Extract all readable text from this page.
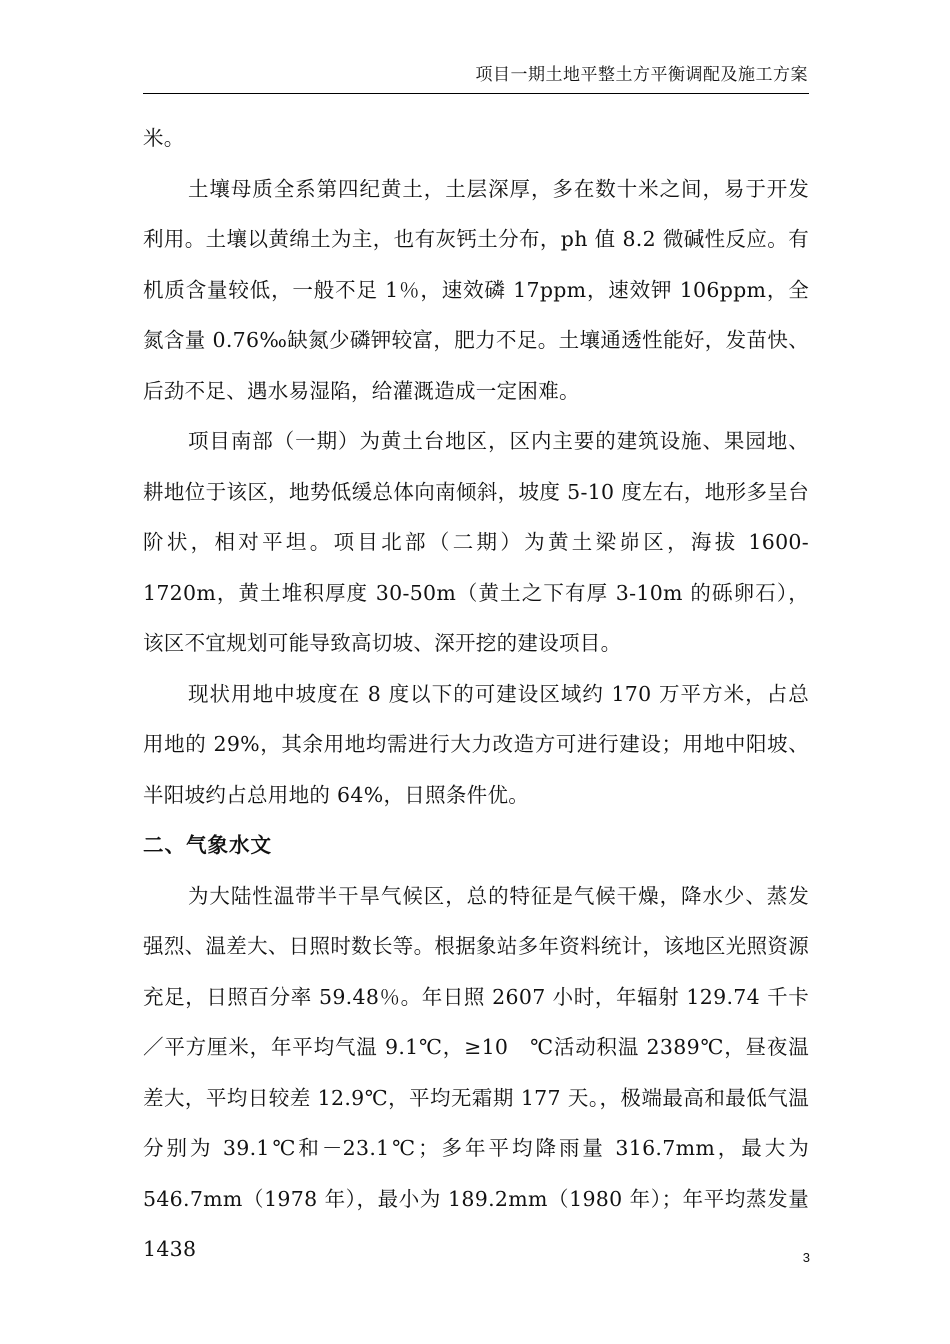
项目一期土地平整土方平衡调配及施工方案

米。

土壤母质全系第四纪黄土，土层深厚，多在数十米之间，易于开发利用。土壤以黄绵土为主，也有灰钙土分布，ph 值 8.2 微碱性反应。有机质含量较低，一般不足 1％，速效磷 17ppm，速效钾 106ppm，全氮含量 0.76‰缺氮少磷钾较富，肥力不足。土壤通透性能好，发苗快、后劲不足、遇水易湿陷，给灌溉造成一定困难。

项目南部（一期）为黄土台地区，区内主要的建筑设施、果园地、耕地位于该区，地势低缓总体向南倾斜，坡度 5-10 度左右，地形多呈台阶状，相对平坦。项目北部（二期）为黄土梁峁区，海拔 1600-1720m，黄土堆积厚度 30-50m（黄土之下有厚 3-10m 的砾卵石），该区不宜规划可能导致高切坡、深开挖的建设项目。

现状用地中坡度在 8 度以下的可建设区域约 170 万平方米，占总用地的 29%，其余用地均需进行大力改造方可进行建设；用地中阳坡、半阳坡约占总用地的 64%，日照条件优。

二、气象水文

为大陆性温带半干旱气候区，总的特征是气候干燥，降水少、蒸发强烈、温差大、日照时数长等。根据象站多年资料统计，该地区光照资源充足，日照百分率 59.48％。年日照 2607 小时，年辐射 129.74 千卡／平方厘米，年平均气温 9.1℃，≥10　℃活动积温 2389℃，昼夜温差大，平均日较差 12.9℃，平均无霜期 177 天。，极端最高和最低气温分别为 39.1℃和－23.1℃；多年平均降雨量 316.7mm，最大为 546.7mm（1978 年），最小为 189.2mm（1980 年）；年平均蒸发量 1438	3
